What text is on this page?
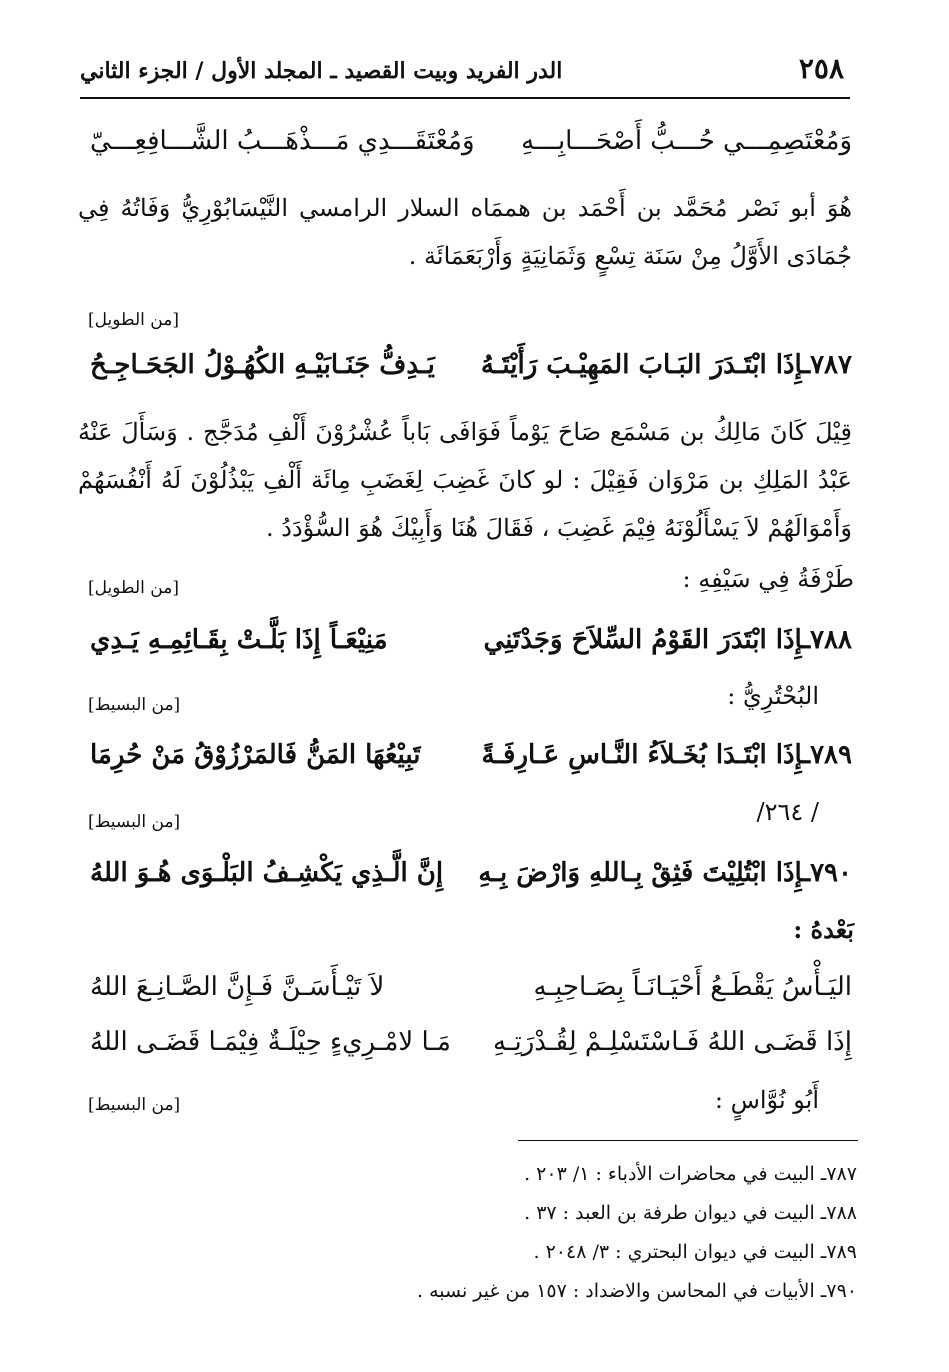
٢٥٨
الدر الفريد وبيت القصيد ـ المجلد الأول / الجزء الثاني
وَمُعْتَصِمِـــي حُـــبُّ أَصْحَـــابِـــهِ
وَمُعْتَقَـــدِي مَـــذْهَـــبُ الشَّـــافِعِـــيّ

هُوَ أبو نَصْر مُحَمَّد بن أَحْمَد بن هممَاه السلار الرامسي النَّيْسَابُوْرِيُّ وَفَاتُهُ فِي جُمَادَى الأَوَّلُ مِنْ سَنَة تِسْعٍ وَثَمَانِيَةٍ وَأَرْبَعَمَائَة .

[من الطويل]
٧٨٧ـإِذَا ابْتَـدَرَ البَـابَ المَهِيْـبَ رَأَيْتَـهُ
يَـدِفُّ جَنَـابَيْـهِ الكُهُـوْلُ الجَحَـاجِـحُ

قِيْلَ كَانَ مَالِكُ بن مَسْمَع صَاحَ يَوْماً فَوَافَى بَاباً عُشْرُوْنَ أَلْفِ مُدَجَّج . وَسَأَلَ عَنْهُ عَبْدُ المَلِكِ بن مَرْوَان فَقِيْلَ : لو كانَ غَضِبَ لِغَضَبِ مِائَة أَلْفِ يَبْذُلُوْنَ لَهُ أَنْفُسَهُمْ وَأَمْوَالَهُمْ لاَ يَسْأَلُوْنَهُ فِيْمَ غَضِبَ ، فَقَالَ هُنَا وَأَبِيْكَ هُوَ السُّؤْدَدُ .

طَرْفَةُ فِي سَيْفِهِ :
[من الطويل]
٧٨٨ـإِذَا ابْتَدَرَ القَوْمُ السِّلاَحَ وَجَدْتَنِي
مَنِيْعَـاً إِذَا بَلَّـتْ بِقَـائِمِـهِ يَـدِي
البُحْتُرِيُّ :
[من البسيط]
٧٨٩ـإِذَا ابْتَـدَا بُخَـلاَءُ النَّـاسِ عَـارِفَـةً
تَبِيْعُهَا المَنُّ فَالمَرْزُوْقُ مَنْ حُرِمَا
/ ٢٦٤/
[من البسيط]
٧٩٠ـإِذَا ابْتُلِيْتَ فَثِقْ بِـاللهِ وَارْضَ بِـهِ
إِنَّ الَّـذِي يَكْشِـفُ البَلْـوَى هُـوَ اللهُ
بَعْدهُ :
اليَـأْسُ يَقْطَـعُ أَحْيَـانَـاً بِصَـاحِبِـهِ
لاَ تَيْـأَسَـنَّ فَـإِنَّ الصَّـانِـعَ اللهُ
إِذَا قَضَـى اللهُ فَـاسْتَسْلِـمْ لِقُـدْرَتِـهِ
مَـا لامْـرِيءٍ حِيْلَـةٌ فِيْمَـا قَضَـى اللهُ
أَبُو نُوَّاسٍ :
[من البسيط]
٧٨٧ـ البيت في محاضرات الأدباء : ١/ ٢٠٣ .
٧٨٨ـ البيت في ديوان طرفة بن العبد : ٣٧ .
٧٨٩ـ البيت في ديوان البحتري : ٣/ ٢٠٤٨ .
٧٩٠ـ الأبيات في المحاسن والاضداد : ١٥٧ من غير نسبه .
